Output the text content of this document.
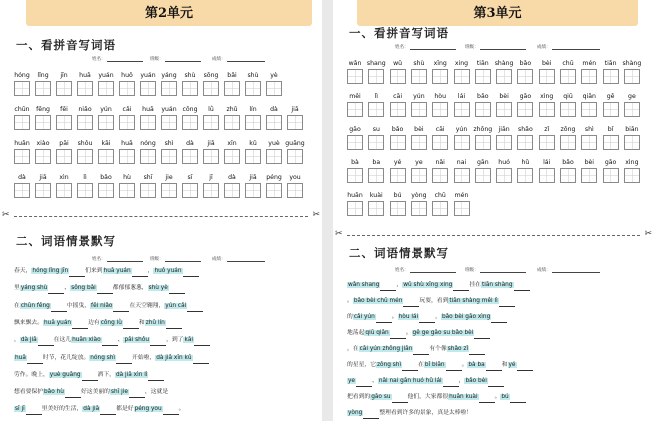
第2单元
一、看拼音写词语
姓名：	班级：	成绩：
hóng lǐng jīn huā yuán huǒ yuán yáng shù sōng bǎi shù yè
chūn fēng fēi niǎo yún cǎi huā yuán cōng lǜ zhǔ lín dà jiā
huān xiào pāi shǒu kāi huā nóng shì dà jiā xīn kǔ yuè guāng
dà jiā xìn lì bǎo hù shī jie sī	jī dà jiā péng you
✂	✂
二、词语情景默写
春天，hóng lǐng jīn	们来到huā yuán	，huǒ yuán
里yáng shù	、sōng bǎi	都郁郁葱葱，shù yè
在chūn fēng	中摇曳，fēi niǎo	在天空翱翔，yún cǎi
飘来飘去。huā yuán	边有cōng lǜ	和zhǔ lín
，dà jiā	在这儿huān xiào	、pāi shǒu	，到了kāi
huā	时节，花儿绽放。nóng shì	开始啦，dà jiā xīn kǔ
劳作。晚上，yuè guāng	洒下，dà jiā xìn lì
想看要保护bǎo hù	好这美丽的shī jie	，这就是
sī jī	里美好的生活，dà jiā	都是好péng you	。
第3单元
一、看拼音写词语
姓名：	班级：	成绩：
wǎn shang wǔ shù xīng xing tiān shàng bǎo bèi chū mén tiān shàng
měi lì cāi yún hòu lái bǎo bèi gāo xìng qiū qiān gē ge
gāo su bǎo bèi cāi yún zhōng jiān shǎo zǐ zǒng shì bǐ biān
bà ba yé ye nǎi nai gān huó hǔ lái bǎo bèi gāo xìng
huān kuài bú yòng chū mén
✂	✂
二、词语情景默写
姓名：	班级：	成绩：
wǎn shang	，wǔ shù xīng xing	挂在tiān shàng
。bǎo bèi chū mén	玩耍，看到tiān shàng měi lì
的cǎi yún	。hòu lái	，bǎo bèi gāo xìng
地荡起qiū qiān	。gē ge gāo su bǎo bèi
，在cāi yún zhōng jiān	有个像shǎo zǐ
的星星，它zǒng shì	在bǐ biān	。bà ba	和yé
ye	、nǎi nai gān huó hǔ lái	，bǎo bèi
把看到的gāo su	他们，大家都很huān kuài	。bú
yòng	整理看到许多的景象，真是太棒啦！
姓名：	班级：	成绩：
